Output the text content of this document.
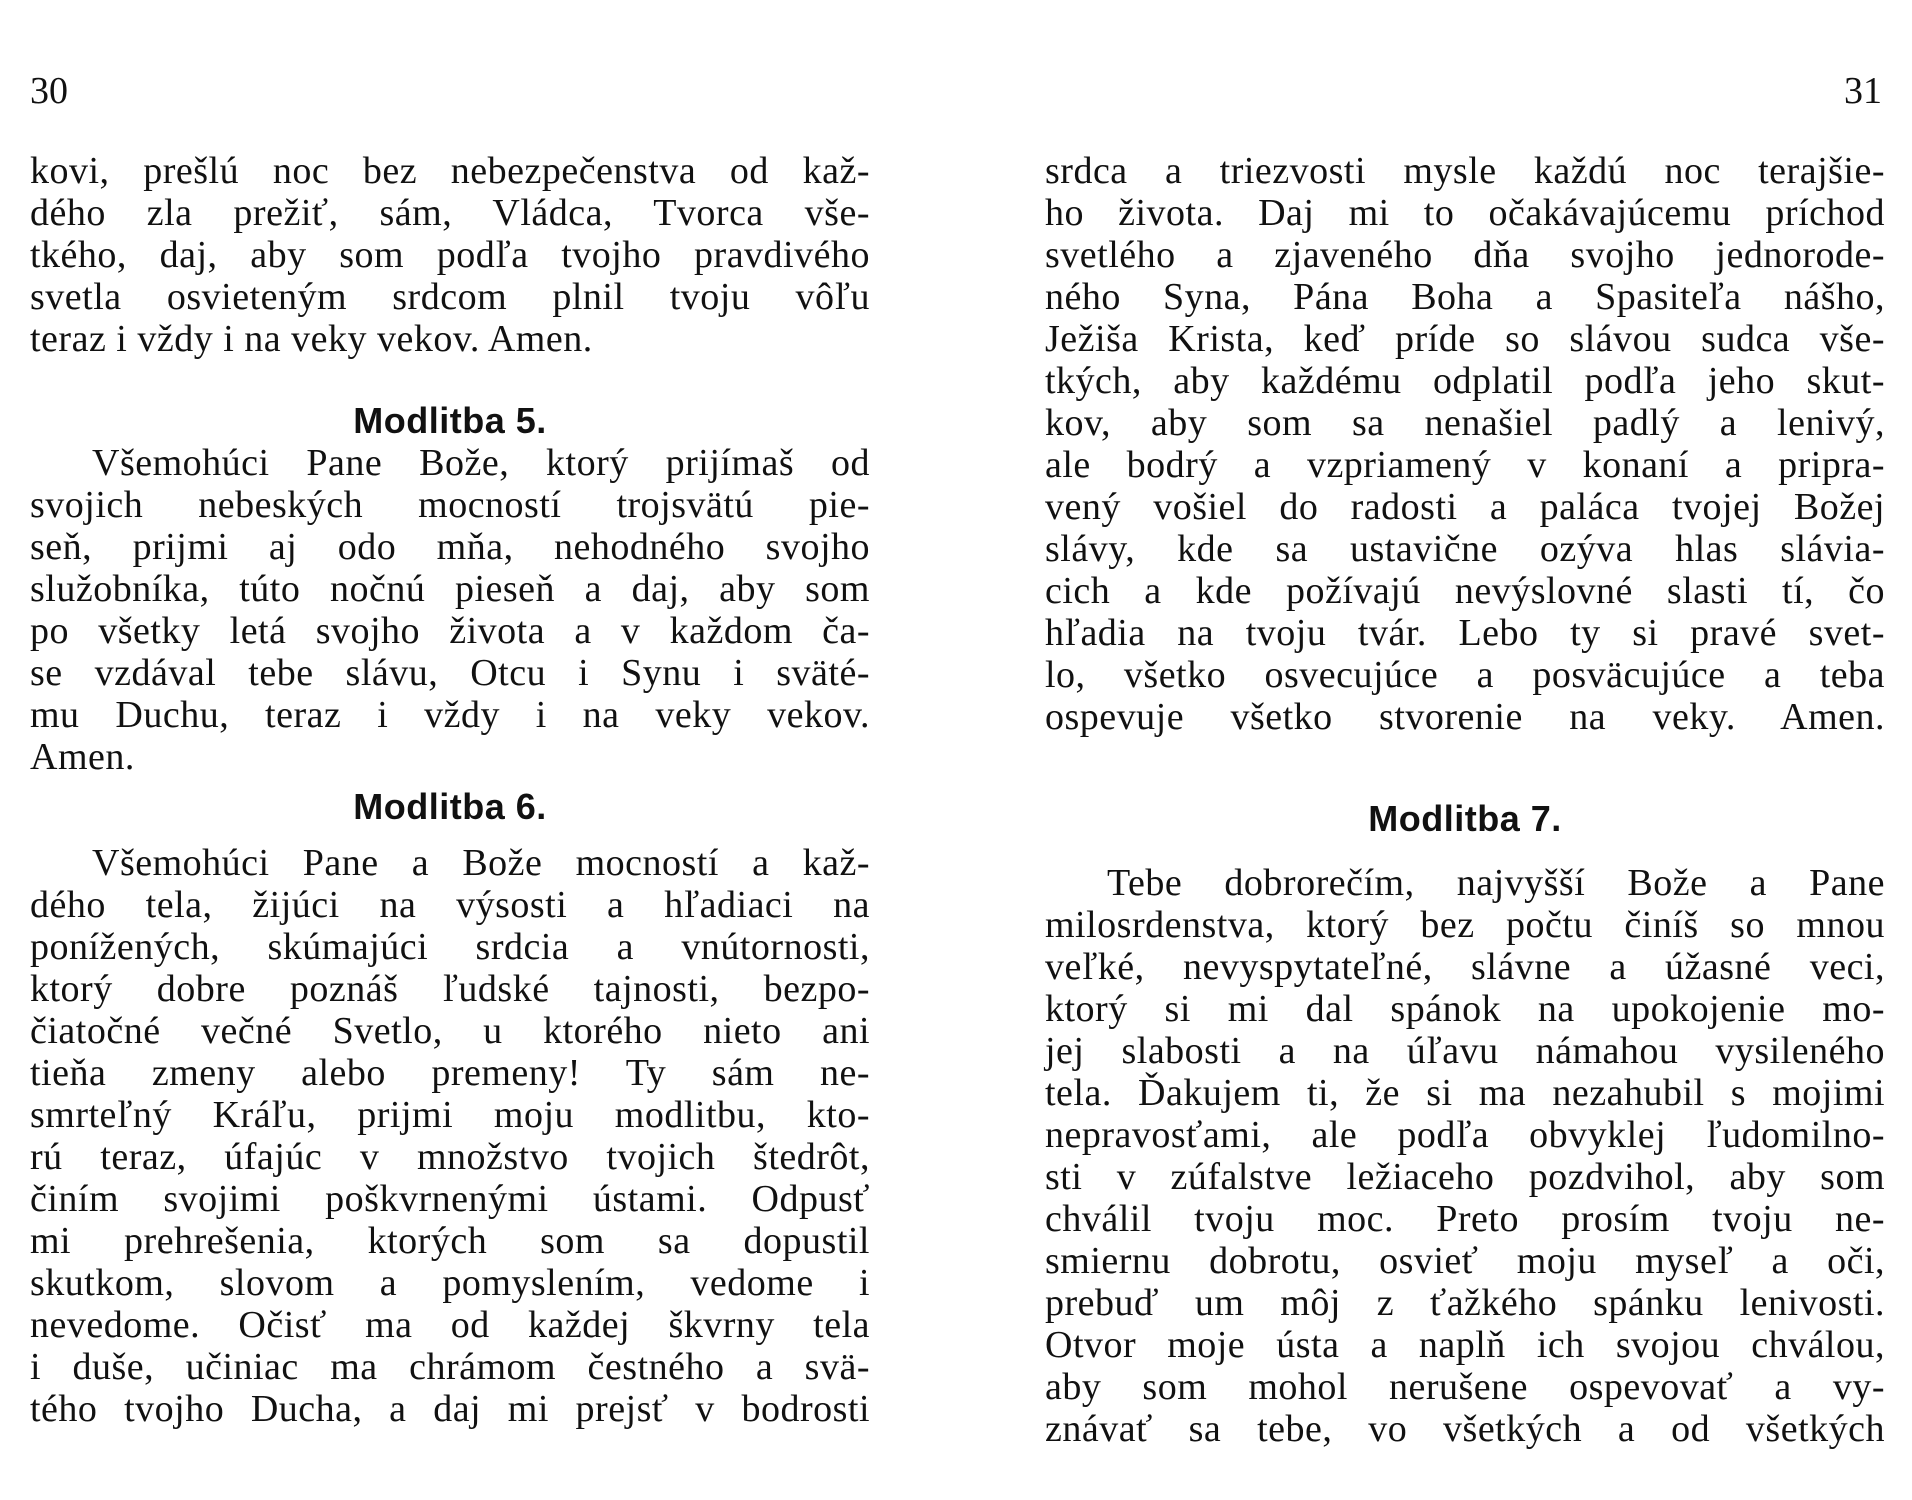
30	31
kovi, prešlú noc bez nebezpečenstva od kaž-
dého zla prežiť, sám, Vládca, Tvorca vše-
tkého, daj, aby som podľa tvojho pravdivého
svetla osvieteným srdcom plnil tvoju vôľu
teraz i vždy i na veky vekov. Amen.
Modlitba 5.
Všemohúci Pane Bože, ktorý prijímaš od
svojich nebeských mocností trojsvätú pie-
seň, prijmi aj odo mňa, nehodného svojho
služobníka, túto nočnú pieseň a daj, aby som
po všetky letá svojho života a v každom ča-
se vzdával tebe slávu, Otcu i Synu i sväté-
mu Duchu, teraz i vždy i na veky vekov.
Amen.
Modlitba 6.
Všemohúci Pane a Bože mocností a kaž-
dého tela, žijúci na výsosti a hľadiaci na
ponížených, skúmajúci srdcia a vnútornosti,
ktorý dobre poznáš ľudské tajnosti, bezpo-
čiatočné večné Svetlo, u ktorého nieto ani
tieňa zmeny alebo premeny! Ty sám ne-
smrteľný Kráľu, prijmi moju modlitbu, kto-
rú teraz, úfajúc v množstvo tvojich štedrôt,
činím svojimi poškvrnenými ústami. Odpusť
mi prehrešenia, ktorých som sa dopustil
skutkom, slovom a pomyslením, vedome i
nevedome. Očisť ma od každej škvrny tela
i duše, učiniac ma chrámom čestného a svä-
tého tvojho Ducha, a daj mi prejsť v bodrosti
srdca a triezvosti mysle každú noc terajšie-
ho života. Daj mi to očakávajúcemu príchod
svetlého a zjaveného dňa svojho jednorode-
ného Syna, Pána Boha a Spasiteľa nášho,
Ježiša Krista, keď príde so slávou sudca vše-
tkých, aby každému odplatil podľa jeho skut-
kov, aby som sa nenašiel padlý a lenivý,
ale bodrý a vzpriamený v konaní a pripra-
vený vošiel do radosti a paláca tvojej Božej
slávy, kde sa ustavične ozýva hlas slávia-
cich a kde požívajú nevýslovné slasti tí, čo
hľadia na tvoju tvár. Lebo ty si pravé svet-
lo, všetko osvecujúce a posväcujúce a teba
ospevuje všetko stvorenie na veky. Amen.
Modlitba 7.
Tebe dobrorečím, najvyšší Bože a Pane
milosrdenstva, ktorý bez počtu činíš so mnou
veľké, nevyspytateľné, slávne a úžasné veci,
ktorý si mi dal spánok na upokojenie mo-
jej slabosti a na úľavu námahou vysileného
tela. Ďakujem ti, že si ma nezahubil s mojimi
nepravosťami, ale podľa obvyklej ľudomilno-
sti v zúfalstve ležiaceho pozdvihol, aby som
chválil tvoju moc. Preto prosím tvoju ne-
smiernu dobrotu, osvieť moju myseľ a oči,
prebuď um môj z ťažkého spánku lenivosti.
Otvor moje ústa a naplň ich svojou chválou,
aby som mohol nerušene ospevovať a vy-
znávať sa tebe, vo všetkých a od všetkých
